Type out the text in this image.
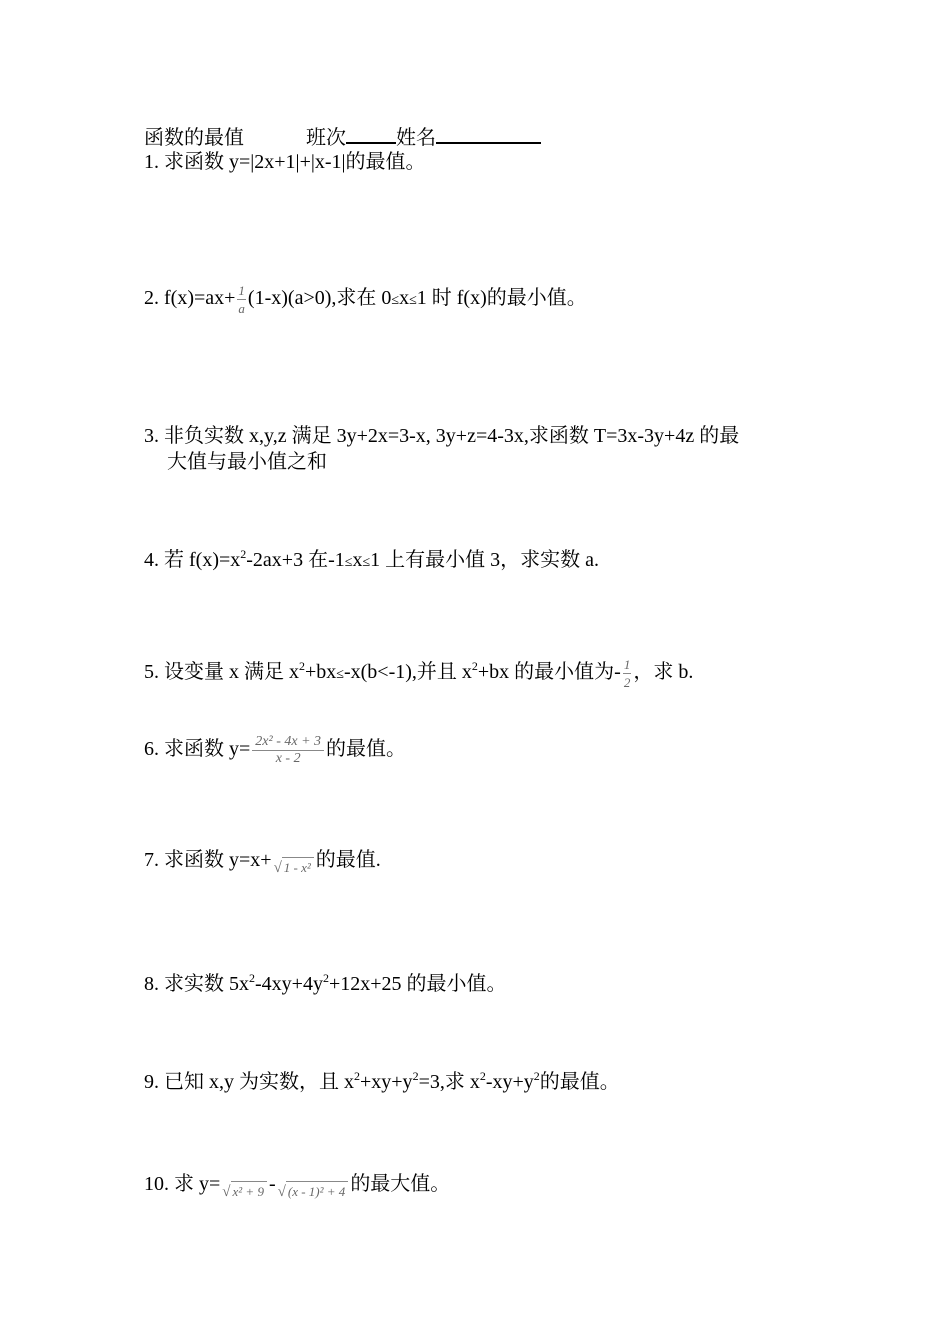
函数的最值	班次	姓名
1. 求函数 y=|2x+1|+|x-1|的最值。
2. $f(x)=ax+ \frac{1}{a} (1-x)(a>0)$,求在 0≤x≤1 时 f(x)的最小值。
3. 非负实数 x,y,z 满足 3y+2x=3-x, 3y+z=4-3x,求函数 T=3x-3y+4z 的最
大值与最小值之和
4. 若 $f(x)=x^2-2ax+3$ 在-1≤x≤1 上有最小值 3，求实数 a.
5. 设变量 x 满足 $x^2+bx\le-x(b<-1)$,并且 $x^2+bx$ 的最小值为- $\frac{1}{2}$ ，求 b.
6. 求函数 $y= \frac{\text{2x² - 4x + 3}}{x - 2}$ 的最值。
7. 求函数 y=x+ √ 1 - x² 的最值.
8. 求实数 $5x^2-4xy+4y^2+12x+25$ 的最小值。
9. 已知 x,y 为实数，且 $x^2+xy+y^2=3$,求 $x^2-xy+y^2$的最值。
10. 求 y= √ x² + 9 - √ (x - 1)² + 4 的最大值。
